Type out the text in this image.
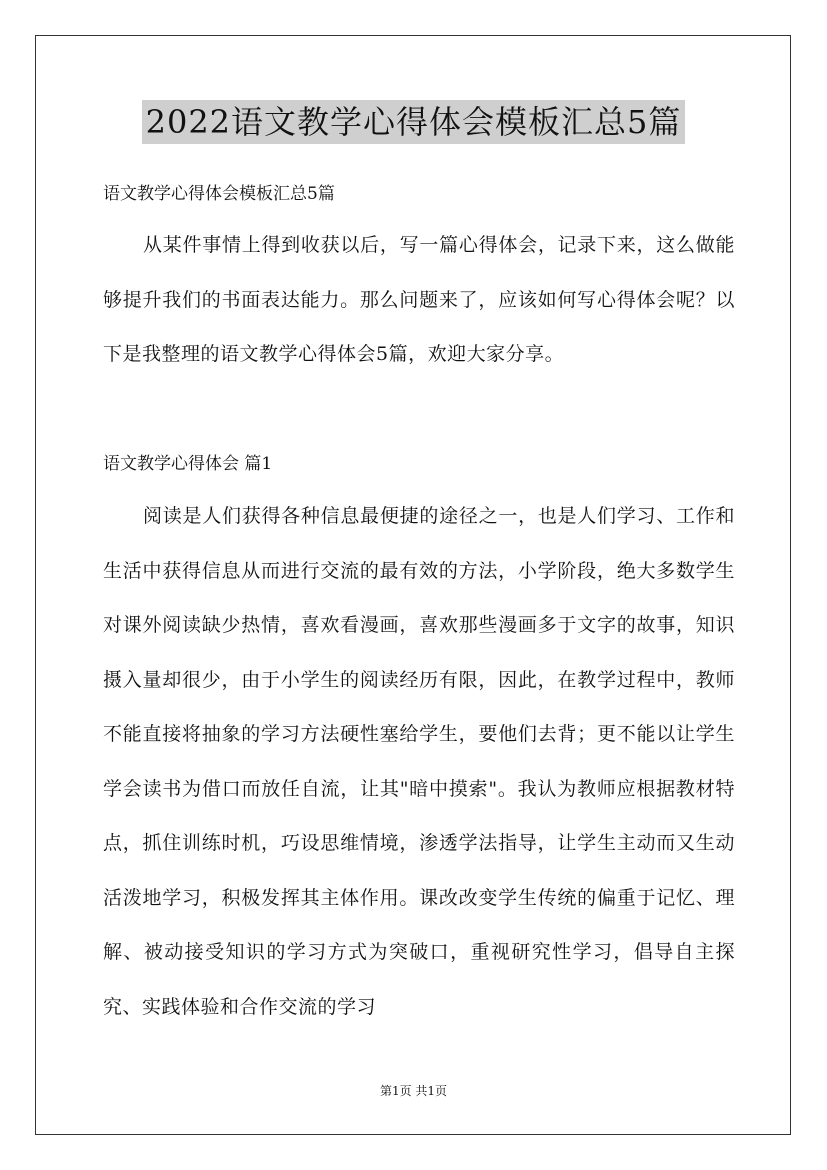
2022语文教学心得体会模板汇总5篇
语文教学心得体会模板汇总5篇

从某件事情上得到收获以后，写一篇心得体会，记录下来，这么做能够提升我们的书面表达能力。那么问题来了，应该如何写心得体会呢？以下是我整理的语文教学心得体会5篇，欢迎大家分享。

语文教学心得体会 篇1

阅读是人们获得各种信息最便捷的途径之一，也是人们学习、工作和生活中获得信息从而进行交流的最有效的方法，小学阶段，绝大多数学生对课外阅读缺少热情，喜欢看漫画，喜欢那些漫画多于文字的故事，知识摄入量却很少，由于小学生的阅读经历有限，因此，在教学过程中，教师不能直接将抽象的学习方法硬性塞给学生，要他们去背；更不能以让学生学会读书为借口而放任自流，让其"暗中摸索"。我认为教师应根据教材特点，抓住训练时机，巧设思维情境，渗透学法指导，让学生主动而又生动活泼地学习，积极发挥其主体作用。课改改变学生传统的偏重于记忆、理解、被动接受知识的学习方式为突破口，重视研究性学习，倡导自主探究、实践体验和合作交流的学习

第1页 共1页
